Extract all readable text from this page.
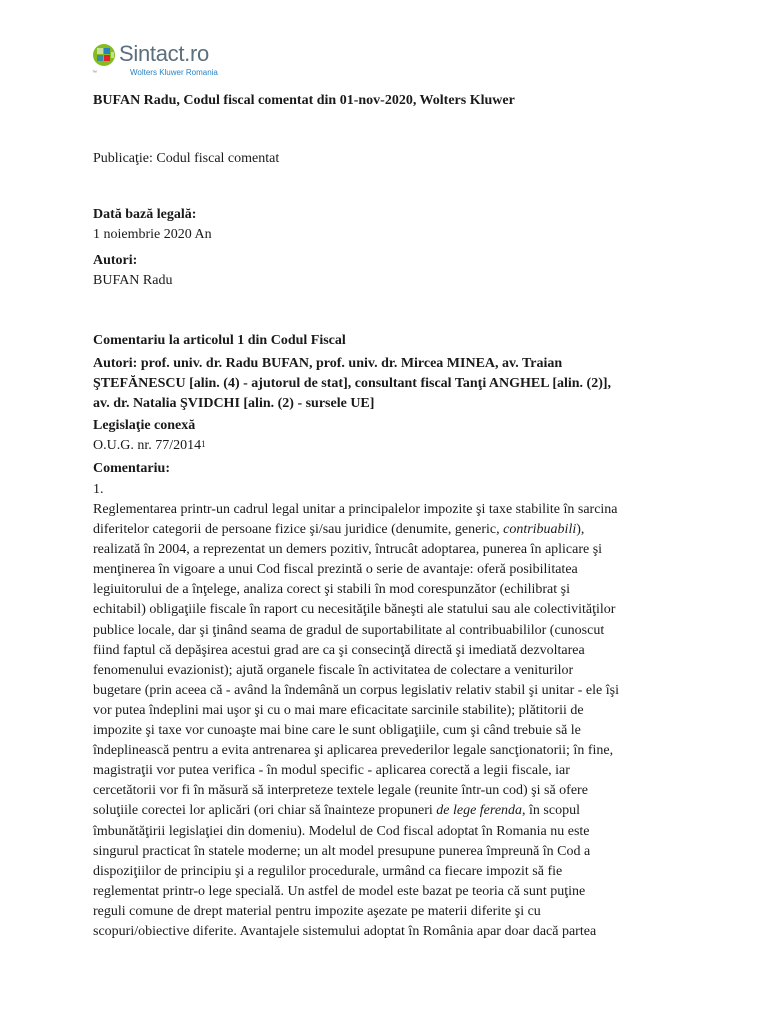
Sintact.ro
Wolters Kluwer Romania
™
BUFAN Radu, Codul fiscal comentat din 01-nov-2020, Wolters Kluwer
Publicaţie: Codul fiscal comentat
Dată bază legală:
1 noiembrie 2020 An
Autori:
BUFAN Radu
Comentariu la articolul 1 din Codul Fiscal
Autori: prof. univ. dr. Radu BUFAN, prof. univ. dr. Mircea MINEA, av. Traian
ŞTEFĂNESCU [alin. (4) - ajutorul de stat], consultant fiscal Tanţi ANGHEL [alin. (2)],
av. dr. Natalia ŞVIDCHI [alin. (2) - sursele UE]
Legislaţie conexă
O.U.G. nr. 77/2014$^1$
Comentariu:
1.
Reglementarea printr-un cadrul legal unitar a principalelor impozite şi taxe stabilite în sarcina
diferitelor categorii de persoane fizice şi/sau juridice (denumite, generic, contribuabili),
realizată în 2004, a reprezentat un demers pozitiv, întrucât adoptarea, punerea în aplicare şi
menţinerea în vigoare a unui Cod fiscal prezintă o serie de avantaje: oferă posibilitatea
legiuitorului de a înţelege, analiza corect şi stabili în mod corespunzător (echilibrat şi
echitabil) obligaţiile fiscale în raport cu necesităţile băneşti ale statului sau ale colectivităţilor
publice locale, dar şi ţinând seama de gradul de suportabilitate al contribuabililor (cunoscut
fiind faptul că depăşirea acestui grad are ca şi consecinţă directă şi imediată dezvoltarea
fenomenului evazionist); ajută organele fiscale în activitatea de colectare a veniturilor
bugetare (prin aceea că - având la îndemână un corpus legislativ relativ stabil şi unitar - ele îşi
vor putea îndeplini mai uşor şi cu o mai mare eficacitate sarcinile stabilite); plătitorii de
impozite şi taxe vor cunoaşte mai bine care le sunt obligaţiile, cum şi când trebuie să le
îndeplinească pentru a evita antrenarea şi aplicarea prevederilor legale sancţionatorii; în fine,
magistraţii vor putea verifica - în modul specific - aplicarea corectă a legii fiscale, iar
cercetătorii vor fi în măsură să interpreteze textele legale (reunite într-un cod) şi să ofere
soluţiile corectei lor aplicări (ori chiar să înainteze propuneri de lege ferenda, în scopul
îmbunătăţirii legislaţiei din domeniu). Modelul de Cod fiscal adoptat în Romania nu este
singurul practicat în statele moderne; un alt model presupune punerea împreună în Cod a
dispoziţiilor de principiu şi a regulilor procedurale, urmând ca fiecare impozit să fie
reglementat printr-o lege specială. Un astfel de model este bazat pe teoria că sunt puţine
reguli comune de drept material pentru impozite aşezate pe materii diferite şi cu
scopuri/obiective diferite. Avantajele sistemului adoptat în România apar doar dacă partea
